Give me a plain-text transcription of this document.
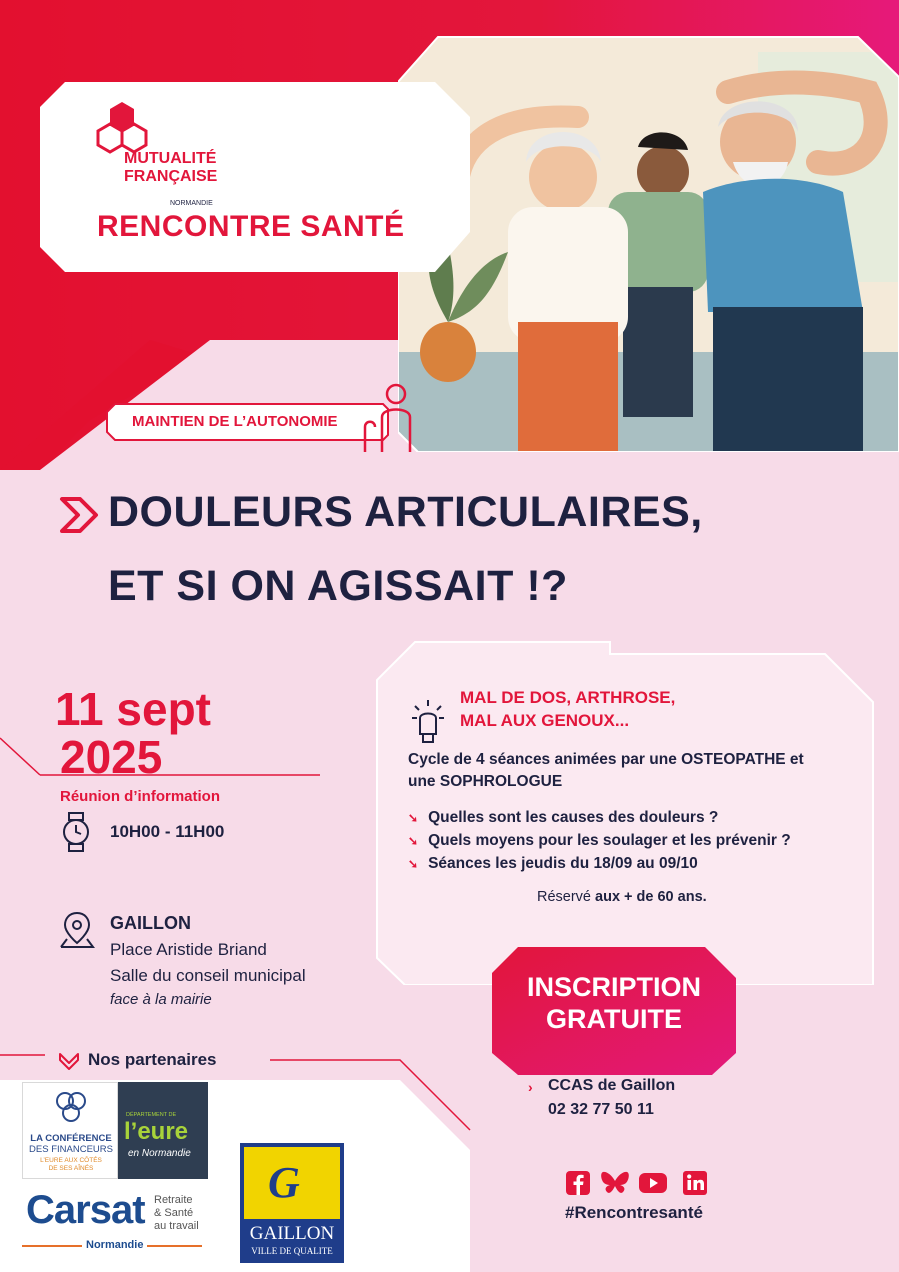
MUTUALITÉ
FRANÇAISE
NORMANDIE
RENCONTRE SANTÉ
MAINTIEN DE L’AUTONOMIE
DOULEURS ARTICULAIRES,
ET SI ON AGISSAIT !?
11 sept
2025
Réunion d’information
10H00 - 11H00
GAILLON
Place Aristide Briand
Salle du conseil municipal
face à la mairie
MAL DE DOS, ARTHROSE,
MAL AUX GENOUX...
Cycle de 4 séances animées par une OSTEOPATHE et
une SOPHROLOGUE
➘ Quelles sont les causes des douleurs ?
➘ Quels moyens pour les soulager et les prévenir ?
➘ Séances les jeudis du 18/09 au 09/10
Réservé aux + de 60 ans.
INSCRIPTION
GRATUITE
› CCAS de Gaillon
02 32 77 50 11
#Rencontresanté
Nos partenaires
LA CONFÉRENCE
DES FINANCEURS
L’EURE AUX CÔTÉS
DE SES AÎNÉS
DÉPARTEMENT DE
l’eure
en Normandie
Carsat Retraite
& Santé
au travail
Normandie
G
GAILLON
VILLE DE QUALITE
